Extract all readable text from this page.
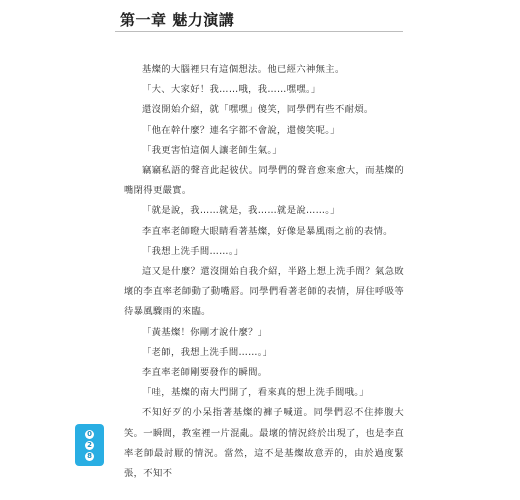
第一章 魅力演講

基燦的大腦裡只有這個想法。他已經六神無主。

「大、大家好！我……哦，我……嘿嘿。」

還沒開始介紹，就「嘿嘿」傻笑，同學們有些不耐煩。

「他在幹什麼？連名字都不會說，還傻笑呢。」

「我更害怕這個人讓老師生氣。」

竊竊私語的聲音此起彼伏。同學們的聲音愈來愈大，而基燦的嘴閉得更嚴實。

「就是說，我……就是，我……就是說……。」

李直率老師瞪大眼睛看著基燦，好像是暴風雨之前的表情。

「我想上洗手間……。」

這又是什麼？還沒開始自我介紹，半路上想上洗手間？氣急敗壞的李直率老師動了動嘴唇。同學們看著老師的表情，屏住呼吸等待暴風驟雨的來臨。

「黃基燦！你剛才說什麼？」

「老師，我想上洗手間……。」

李直率老師剛要發作的瞬間。

「哇，基燦的南大門開了，看來真的想上洗手間哦。」

不知好歹的小呆指著基燦的褲子喊道。同學們忍不住捧腹大笑。一瞬間，教室裡一片混亂。最壞的情況終於出現了，也是李直率老師最討厭的情況。當然，這不是基燦故意弄的，由於過度緊張，不知不

0
2
8
